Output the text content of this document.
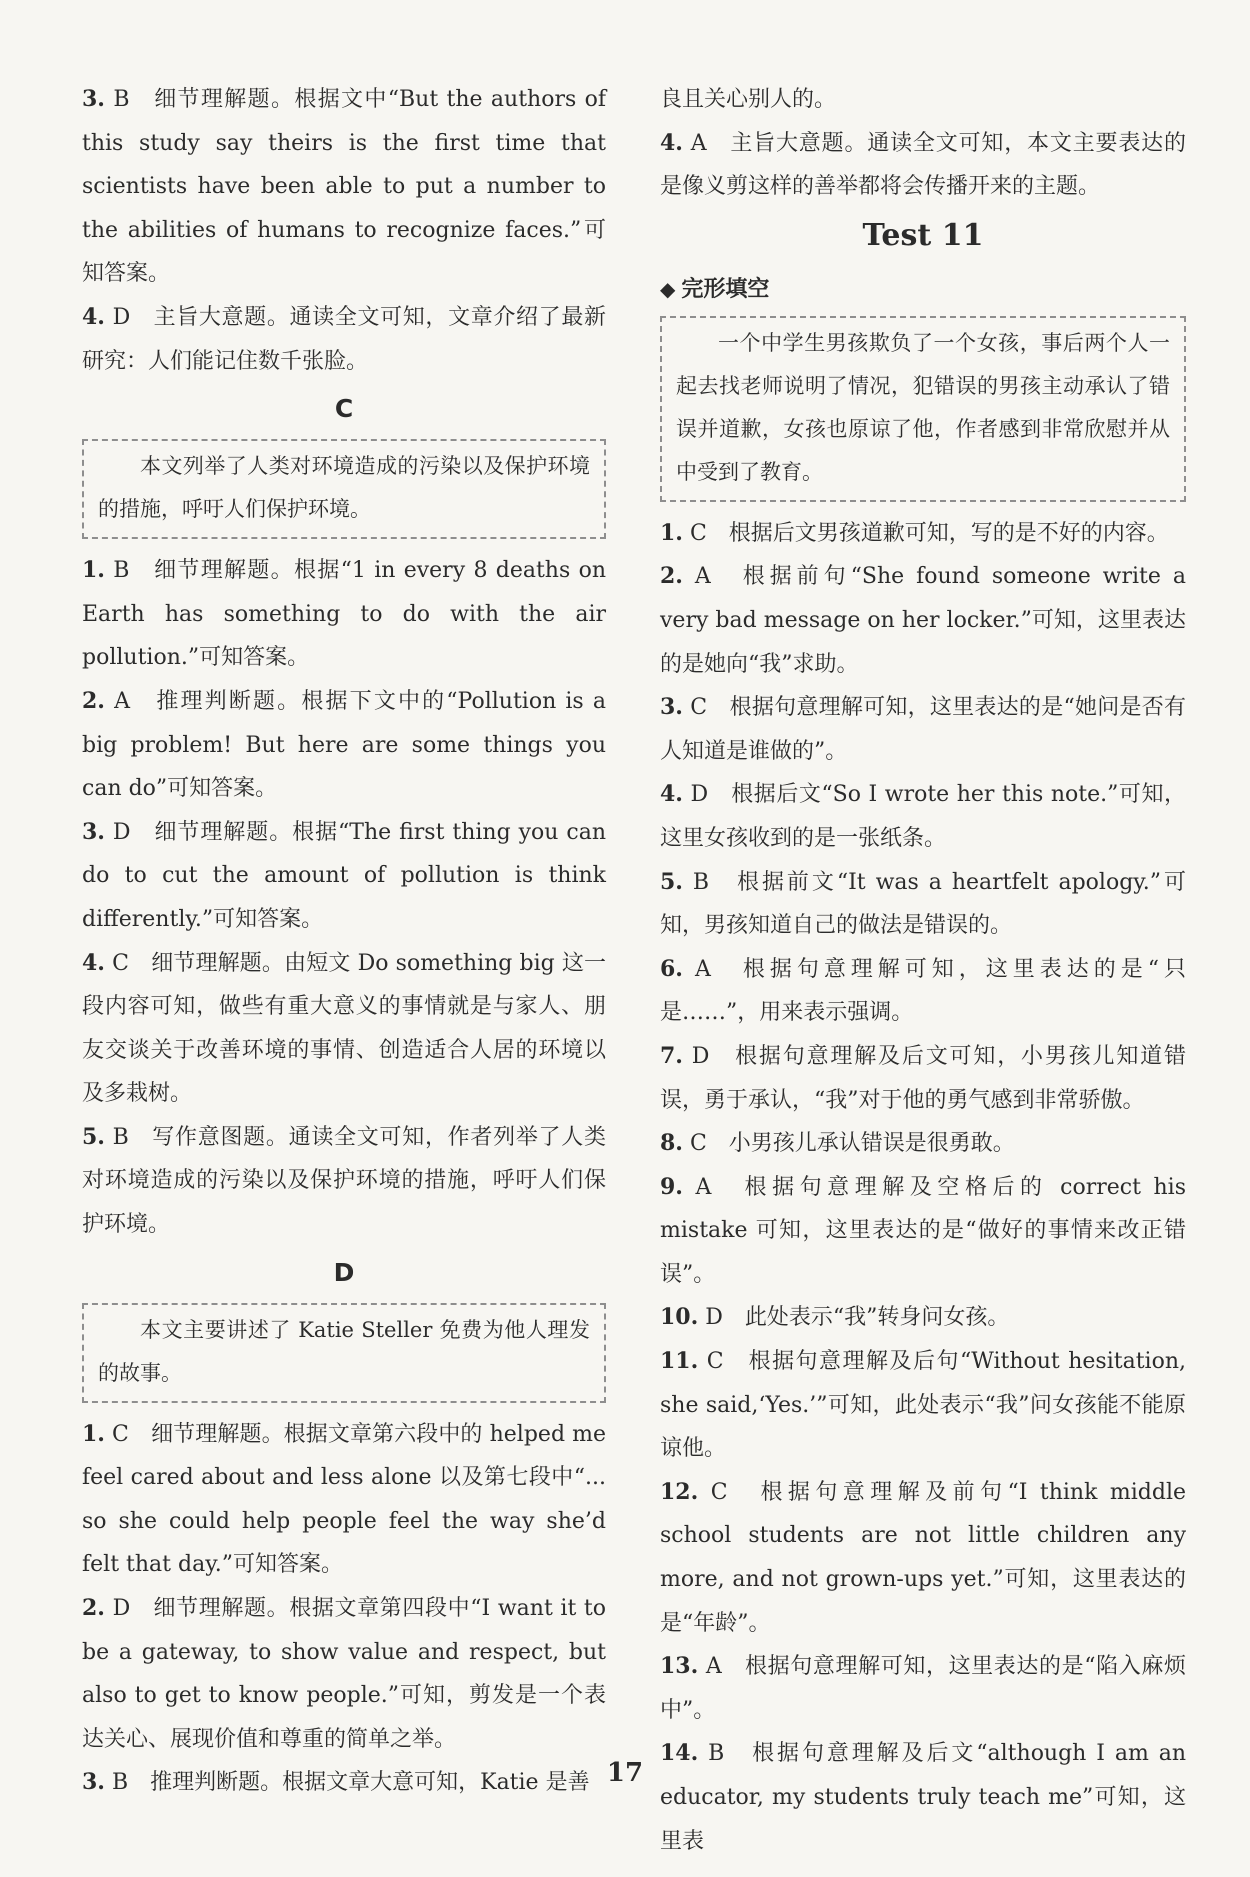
3. B　细节理解题。根据文中“But the authors of this study say theirs is the first time that scientists have been able to put a number to the abilities of humans to recognize faces.”可知答案。

4. D　主旨大意题。通读全文可知，文章介绍了最新研究：人们能记住数千张脸。

C

本文列举了人类对环境造成的污染以及保护环境的措施，呼吁人们保护环境。

1. B　细节理解题。根据“1 in every 8 deaths on Earth has something to do with the air pollution.”可知答案。

2. A　推理判断题。根据下文中的“Pollution is a big problem! But here are some things you can do”可知答案。

3. D　细节理解题。根据“The first thing you can do to cut the amount of pollution is think differently.”可知答案。

4. C　细节理解题。由短文 Do something big 这一段内容可知，做些有重大意义的事情就是与家人、朋友交谈关于改善环境的事情、创造适合人居的环境以及多栽树。

5. B　写作意图题。通读全文可知，作者列举了人类对环境造成的污染以及保护环境的措施，呼吁人们保护环境。

D

本文主要讲述了 Katie Steller 免费为他人理发的故事。

1. C　细节理解题。根据文章第六段中的 helped me feel cared about and less alone 以及第七段中“... so she could help people feel the way she’d felt that day.”可知答案。

2. D　细节理解题。根据文章第四段中“I want it to be a gateway, to show value and respect, but also to get to know people.”可知，剪发是一个表达关心、展现价值和尊重的简单之举。

3. B　推理判断题。根据文章大意可知，Katie 是善

良且关心别人的。

4. A　主旨大意题。通读全文可知，本文主要表达的是像义剪这样的善举都将会传播开来的主题。

Test 11
◆ 完形填空

一个中学生男孩欺负了一个女孩，事后两个人一起去找老师说明了情况，犯错误的男孩主动承认了错误并道歉，女孩也原谅了他，作者感到非常欣慰并从中受到了教育。

1. C　根据后文男孩道歉可知，写的是不好的内容。

2. A　根据前句“She found someone write a very bad message on her locker.”可知，这里表达的是她向“我”求助。

3. C　根据句意理解可知，这里表达的是“她问是否有人知道是谁做的”。

4. D　根据后文“So I wrote her this note.”可知，这里女孩收到的是一张纸条。

5. B　根据前文“It was a heartfelt apology.”可知，男孩知道自己的做法是错误的。

6. A　根据句意理解可知，这里表达的是“只是……”，用来表示强调。

7. D　根据句意理解及后文可知，小男孩儿知道错误，勇于承认，“我”对于他的勇气感到非常骄傲。

8. C　小男孩儿承认错误是很勇敢。

9. A　根据句意理解及空格后的 correct his mistake 可知，这里表达的是“做好的事情来改正错误”。

10. D　此处表示“我”转身问女孩。

11. C　根据句意理解及后句“Without hesitation, she said,‘Yes.’”可知，此处表示“我”问女孩能不能原谅他。

12. C　根据句意理解及前句“I think middle school students are not little children any more, and not grown-ups yet.”可知，这里表达的是“年龄”。

13. A　根据句意理解可知，这里表达的是“陷入麻烦中”。

14. B　根据句意理解及后文“although I am an educator, my students truly teach me”可知，这里表

17
